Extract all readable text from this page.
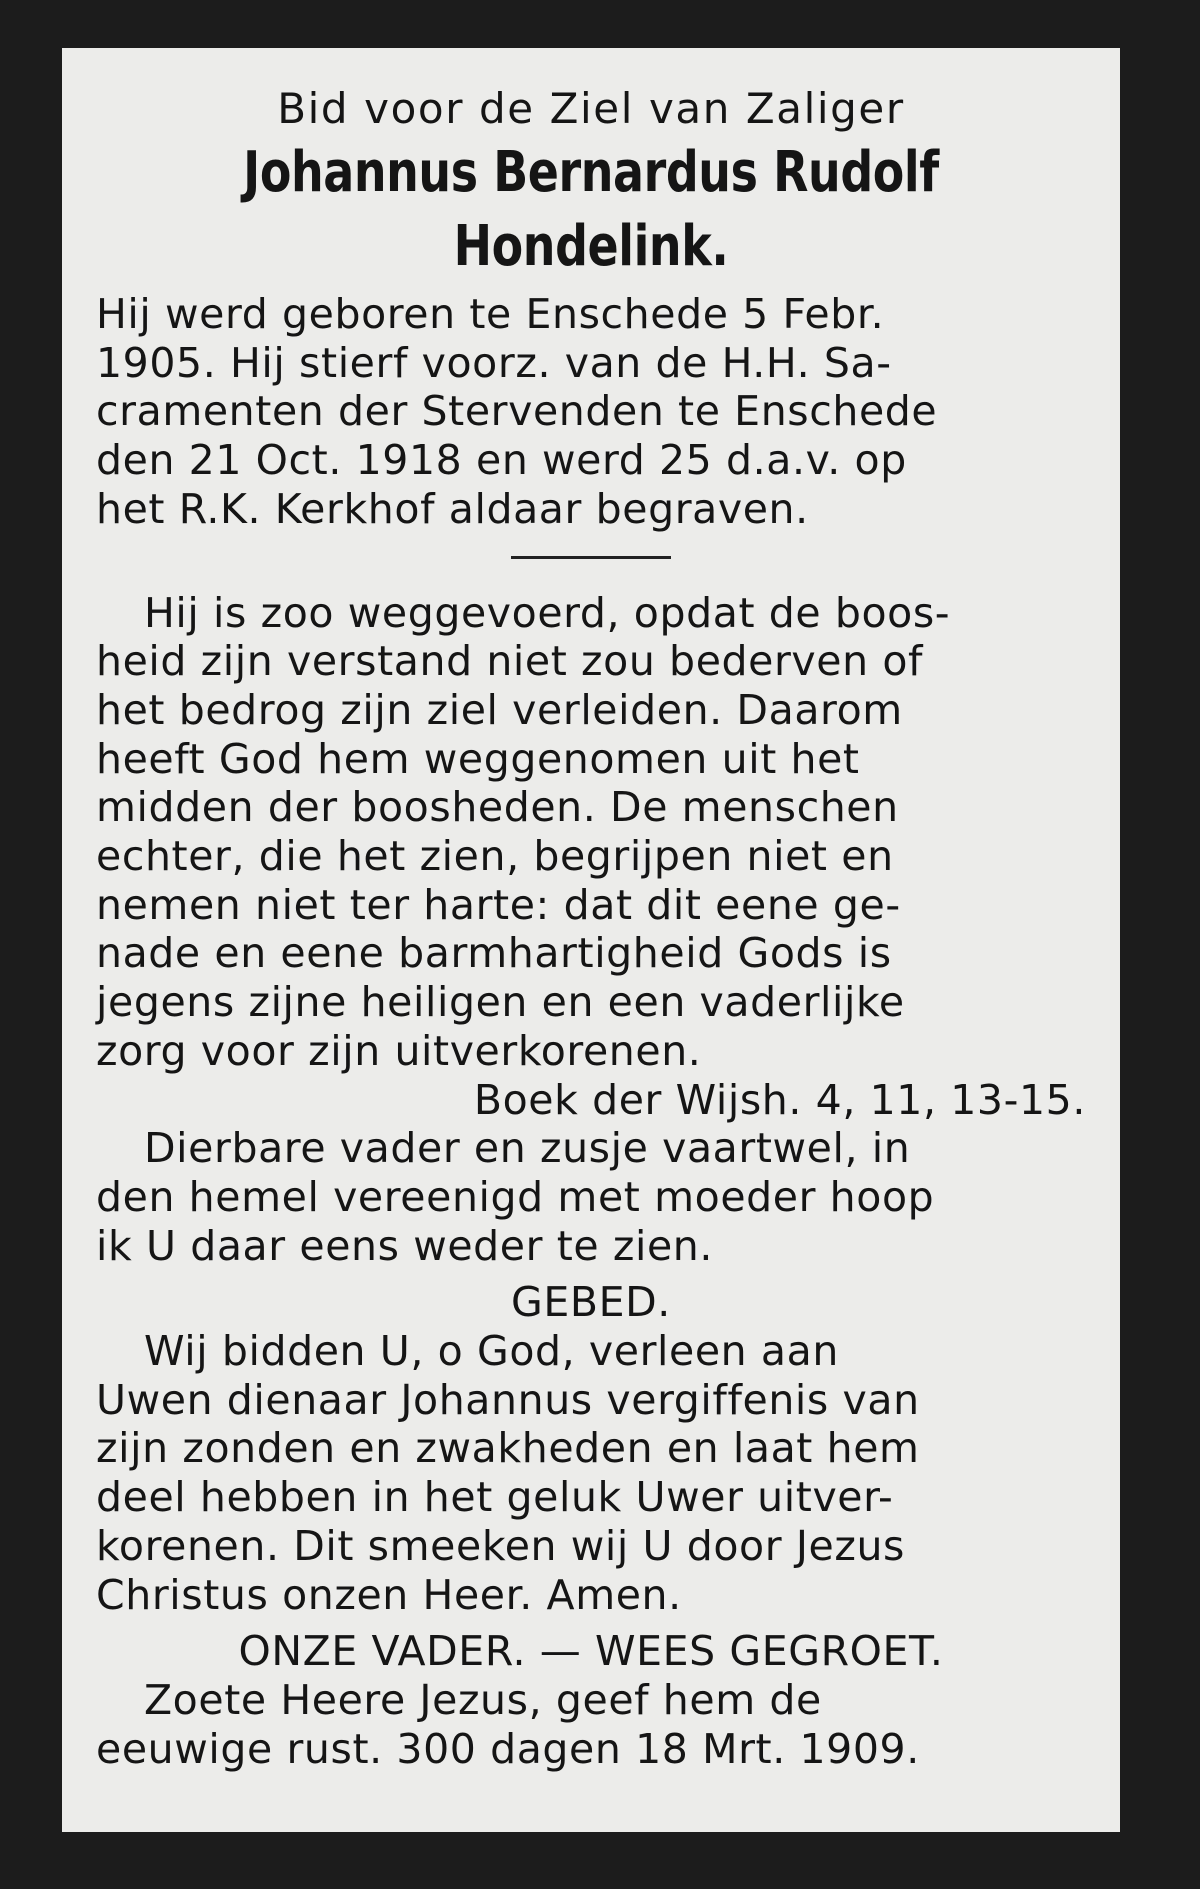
Bid voor de Ziel van Zaliger
Johannus Bernardus Rudolf Hondelink.
Hij werd geboren te Enschede 5 Febr.
1905. Hij stierf voorz. van de H.H. Sa-
cramenten der Stervenden te Enschede
den 21 Oct. 1918 en werd 25 d.a.v. op
het R.K. Kerkhof aldaar begraven.
Hij is zoo weggevoerd, opdat de boos-
heid zijn verstand niet zou bederven of
het bedrog zijn ziel verleiden. Daarom
heeft God hem weggenomen uit het
midden der boosheden. De menschen
echter, die het zien, begrijpen niet en
nemen niet ter harte: dat dit eene ge-
nade en eene barmhartigheid Gods is
jegens zijne heiligen en een vaderlijke
zorg voor zijn uitverkorenen.
Boek der Wijsh. 4, 11, 13-15.
Dierbare vader en zusje vaartwel, in
den hemel vereenigd met moeder hoop
ik U daar eens weder te zien.
GEBED.
Wij bidden U, o God, verleen aan
Uwen dienaar Johannus vergiffenis van
zijn zonden en zwakheden en laat hem
deel hebben in het geluk Uwer uitver-
korenen. Dit smeeken wij U door Jezus
Christus onzen Heer. Amen.
ONZE VADER. — WEES GEGROET.
Zoete Heere Jezus, geef hem de
eeuwige rust. 300 dagen 18 Mrt. 1909.
